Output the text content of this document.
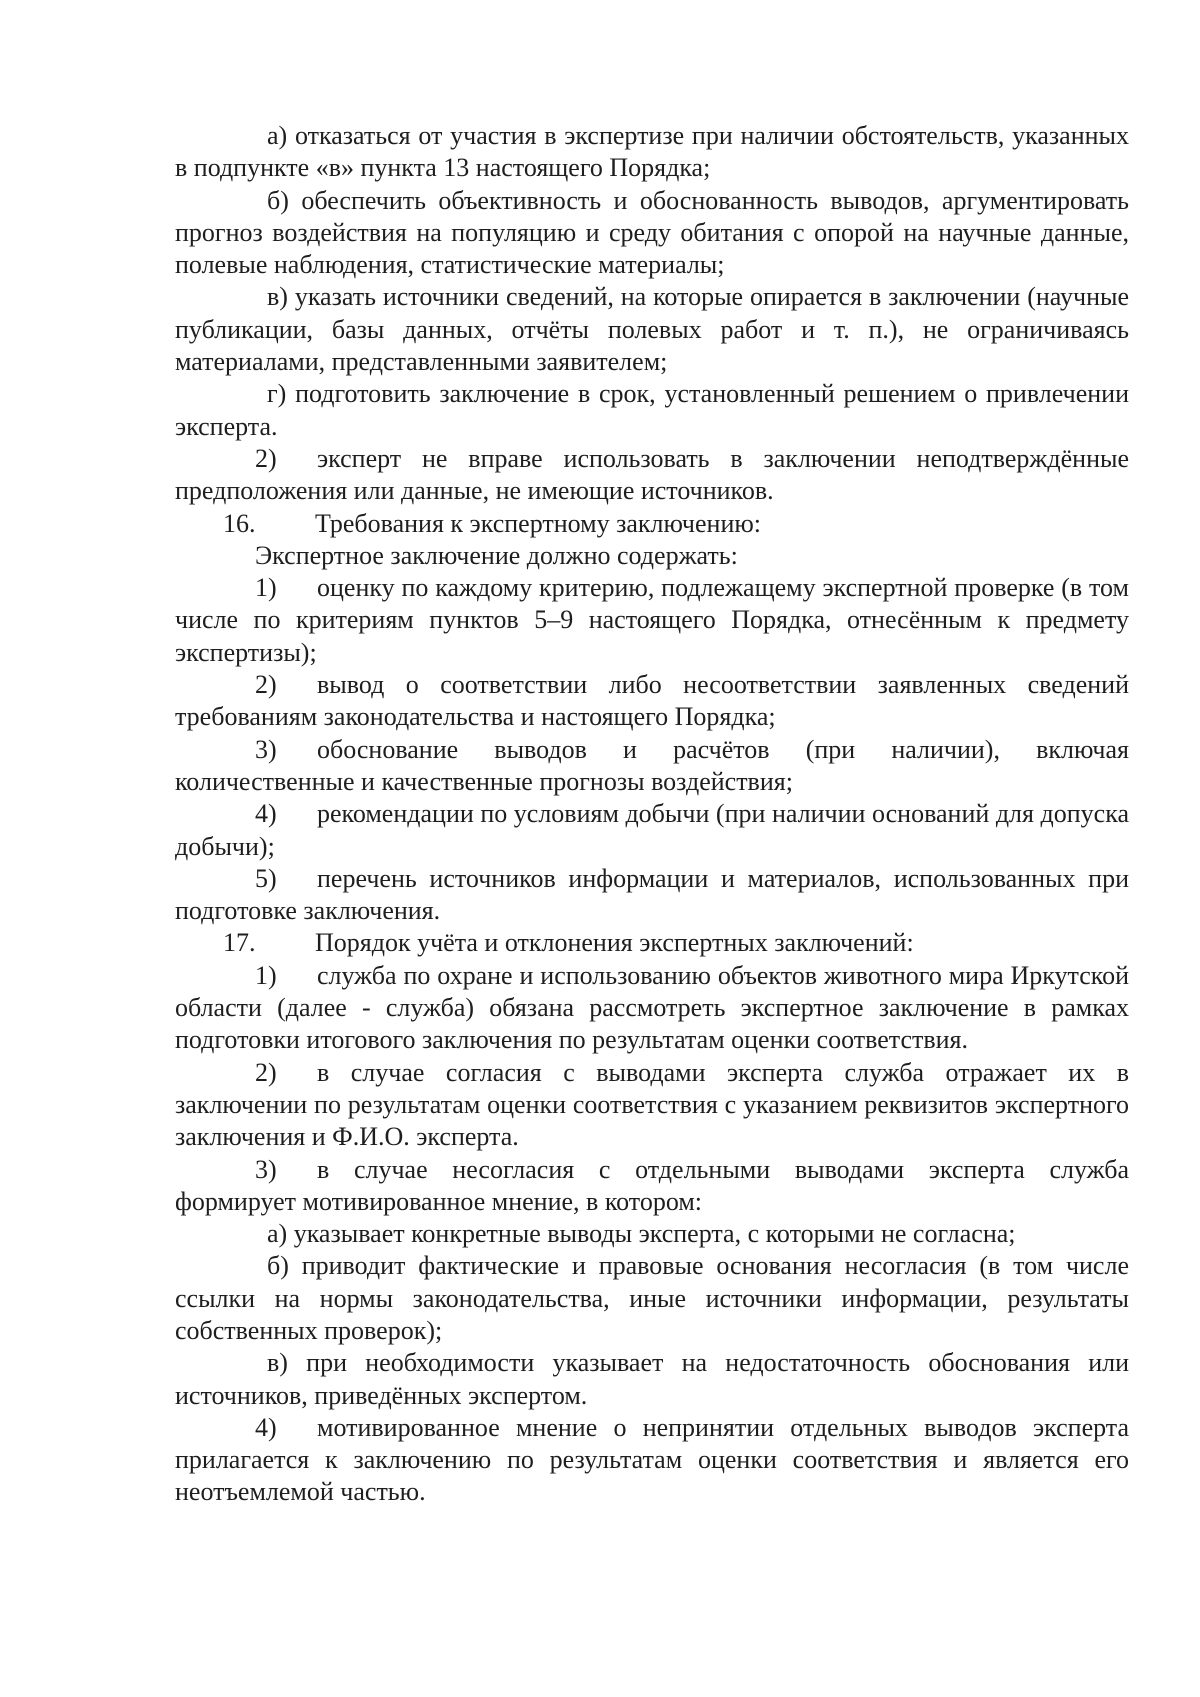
а) отказаться от участия в экспертизе при наличии обстоятельств, указанных в подпункте «в» пункта 13 настоящего Порядка;

б) обеспечить объективность и обоснованность выводов, аргументировать прогноз воздействия на популяцию и среду обитания с опорой на научные данные, полевые наблюдения, статистические материалы;

в) указать источники сведений, на которые опирается в заключении (научные публикации, базы данных, отчёты полевых работ и т. п.), не ограничиваясь материалами, представленными заявителем;

г) подготовить заключение в срок, установленный решением о привлечении эксперта.

2) эксперт не вправе использовать в заключении неподтверждённые предположения или данные, не имеющие источников.

16. Требования к экспертному заключению:

Экспертное заключение должно содержать:

1) оценку по каждому критерию, подлежащему экспертной проверке (в том числе по критериям пунктов 5–9 настоящего Порядка, отнесённым к предмету экспертизы);

2) вывод о соответствии либо несоответствии заявленных сведений требованиям законодательства и настоящего Порядка;

3) обоснование выводов и расчётов (при наличии), включая количественные и качественные прогнозы воздействия;

4) рекомендации по условиям добычи (при наличии оснований для допуска добычи);

5) перечень источников информации и материалов, использованных при подготовке заключения.

17. Порядок учёта и отклонения экспертных заключений:

1) служба по охране и использованию объектов животного мира Иркутской области (далее - служба) обязана рассмотреть экспертное заключение в рамках подготовки итогового заключения по результатам оценки соответствия.

2) в случае согласия с выводами эксперта служба отражает их в заключении по результатам оценки соответствия с указанием реквизитов экспертного заключения и Ф.И.О. эксперта.

3) в случае несогласия с отдельными выводами эксперта служба формирует мотивированное мнение, в котором:

а) указывает конкретные выводы эксперта, с которыми не согласна;

б) приводит фактические и правовые основания несогласия (в том числе ссылки на нормы законодательства, иные источники информации, результаты собственных проверок);

в) при необходимости указывает на недостаточность обоснования или источников, приведённых экспертом.

4) мотивированное мнение о непринятии отдельных выводов эксперта прилагается к заключению по результатам оценки соответствия и является его неотъемлемой частью.
